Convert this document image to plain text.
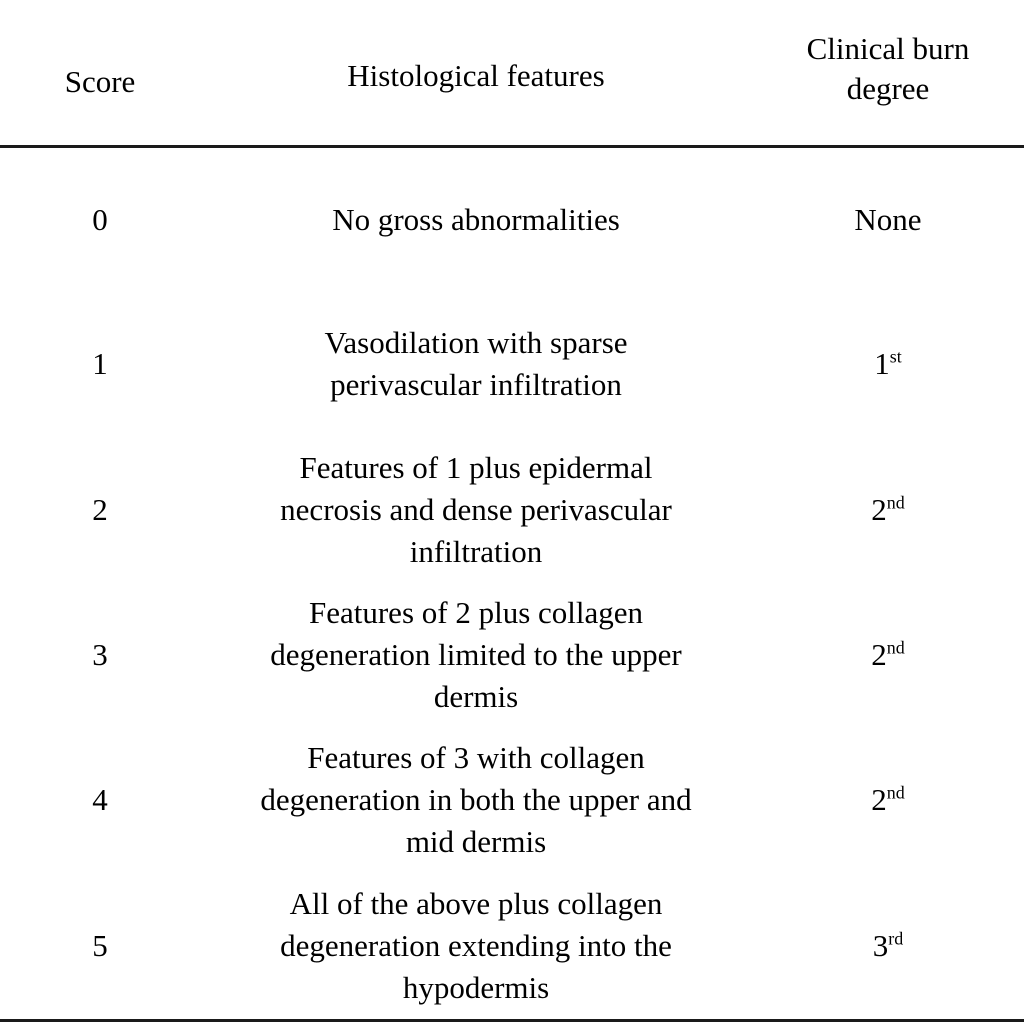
Score	Histological features	Clinical burn
degree

0	No gross abnormalities	None
1	Vasodilation with sparse
perivascular infiltration	1st
2	Features of 1 plus epidermal
necrosis and dense perivascular
infiltration	2nd
3	Features of 2 plus collagen
degeneration limited to the upper
dermis	2nd
4	Features of 3 with collagen
degeneration in both the upper and
mid dermis	2nd
5	All of the above plus collagen
degeneration extending into the
hypodermis	3rd
